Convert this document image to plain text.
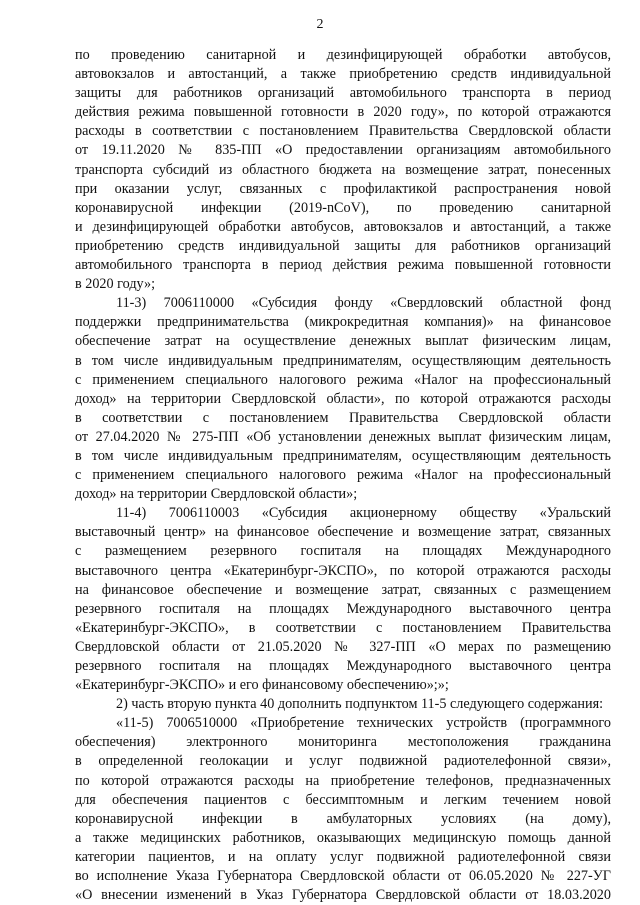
2
по проведению санитарной и дезинфицирующей обработки автобусов,
автовокзалов и автостанций, а также приобретению средств индивидуальной
защиты для работников организаций автомобильного транспорта в период
действия режима повышенной готовности в 2020 году», по которой отражаются
расходы в соответствии с постановлением Правительства Свердловской области
от 19.11.2020 № 835-ПП «О предоставлении организациям автомобильного
транспорта субсидий из областного бюджета на возмещение затрат, понесенных
при оказании услуг, связанных с профилактикой распространения новой
коронавирусной инфекции (2019-nCoV), по проведению санитарной
и дезинфицирующей обработки автобусов, автовокзалов и автостанций, а также
приобретению средств индивидуальной защиты для работников организаций
автомобильного транспорта в период действия режима повышенной готовности
в 2020 году»;
11-3) 7006110000 «Субсидия фонду «Свердловский областной фонд
поддержки предпринимательства (микрокредитная компания)» на финансовое
обеспечение затрат на осуществление денежных выплат физическим лицам,
в том числе индивидуальным предпринимателям, осуществляющим деятельность
с применением специального налогового режима «Налог на профессиональный
доход» на территории Свердловской области», по которой отражаются расходы
в соответствии с постановлением Правительства Свердловской области
от 27.04.2020 № 275-ПП «Об установлении денежных выплат физическим лицам,
в том числе индивидуальным предпринимателям, осуществляющим деятельность
с применением специального налогового режима «Налог на профессиональный
доход» на территории Свердловской области»;
11-4) 7006110003 «Субсидия акционерному обществу «Уральский
выставочный центр» на финансовое обеспечение и возмещение затрат, связанных
с размещением резервного госпиталя на площадях Международного
выставочного центра «Екатеринбург-ЭКСПО», по которой отражаются расходы
на финансовое обеспечение и возмещение затрат, связанных с размещением
резервного госпиталя на площадях Международного выставочного центра
«Екатеринбург-ЭКСПО», в соответствии с постановлением Правительства
Свердловской области от 21.05.2020 № 327-ПП «О мерах по размещению
резервного госпиталя на площадях Международного выставочного центра
«Екатеринбург-ЭКСПО» и его финансовому обеспечению»;»;
2) часть вторую пункта 40 дополнить подпунктом 11-5 следующего содержания:
«11-5) 7006510000 «Приобретение технических устройств (программного
обеспечения) электронного мониторинга местоположения гражданина
в определенной геолокации и услуг подвижной радиотелефонной связи»,
по которой отражаются расходы на приобретение телефонов, предназначенных
для обеспечения пациентов с бессимптомным и легким течением новой
коронавирусной инфекции в амбулаторных условиях (на дому),
а также медицинских работников, оказывающих медицинскую помощь данной
категории пациентов, и на оплату услуг подвижной радиотелефонной связи
во исполнение Указа Губернатора Свердловской области от 06.05.2020 № 227-УГ
«О внесении изменений в Указ Губернатора Свердловской области от 18.03.2020
